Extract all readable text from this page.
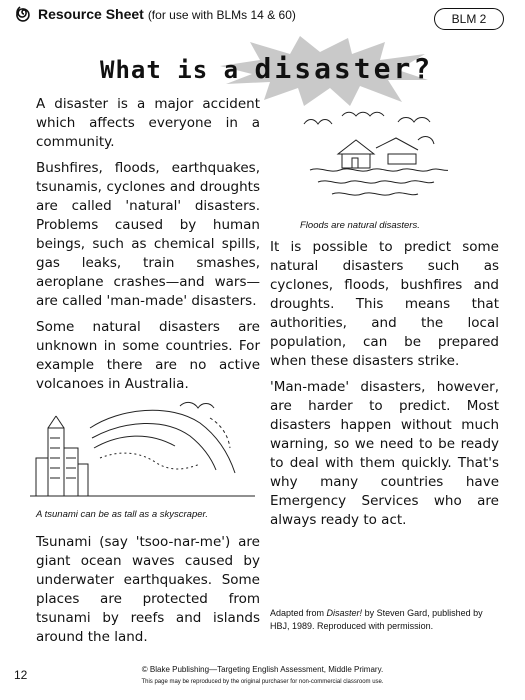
Resource Sheet (for use with BLMs 14 & 60)	BLM 2
What is a disaster?

A disaster is a major accident which affects everyone in a community.

Bushfires, floods, earthquakes, tsunamis, cyclones and droughts are called 'natural' disasters. Problems caused by human beings, such as chemical spills, gas leaks, train smashes, aeroplane crashes—and wars—are called 'man-made' disasters.

Some natural disasters are unknown in some countries. For example there are no active volcanoes in Australia.

A tsunami can be as tall as a skyscraper.

Tsunami (say 'tsoo-nar-me') are giant ocean waves caused by underwater earthquakes. Some places are protected from tsunami by reefs and islands around the land.

Floods are natural disasters.

It is possible to predict some natural disasters such as cyclones, floods, bushfires and droughts. This means that authorities, and the local population, can be prepared when these disasters strike.

'Man-made' disasters, however, are harder to predict. Most disasters happen without much warning, so we need to be ready to deal with them quickly. That's why many countries have Emergency Services who are always ready to act.

Adapted from Disaster! by Steven Gard, published by HBJ, 1989. Reproduced with permission.
12	© Blake Publishing—Targeting English Assessment, Middle Primary.
This page may be reproduced by the original purchaser for non-commercial classroom use.
